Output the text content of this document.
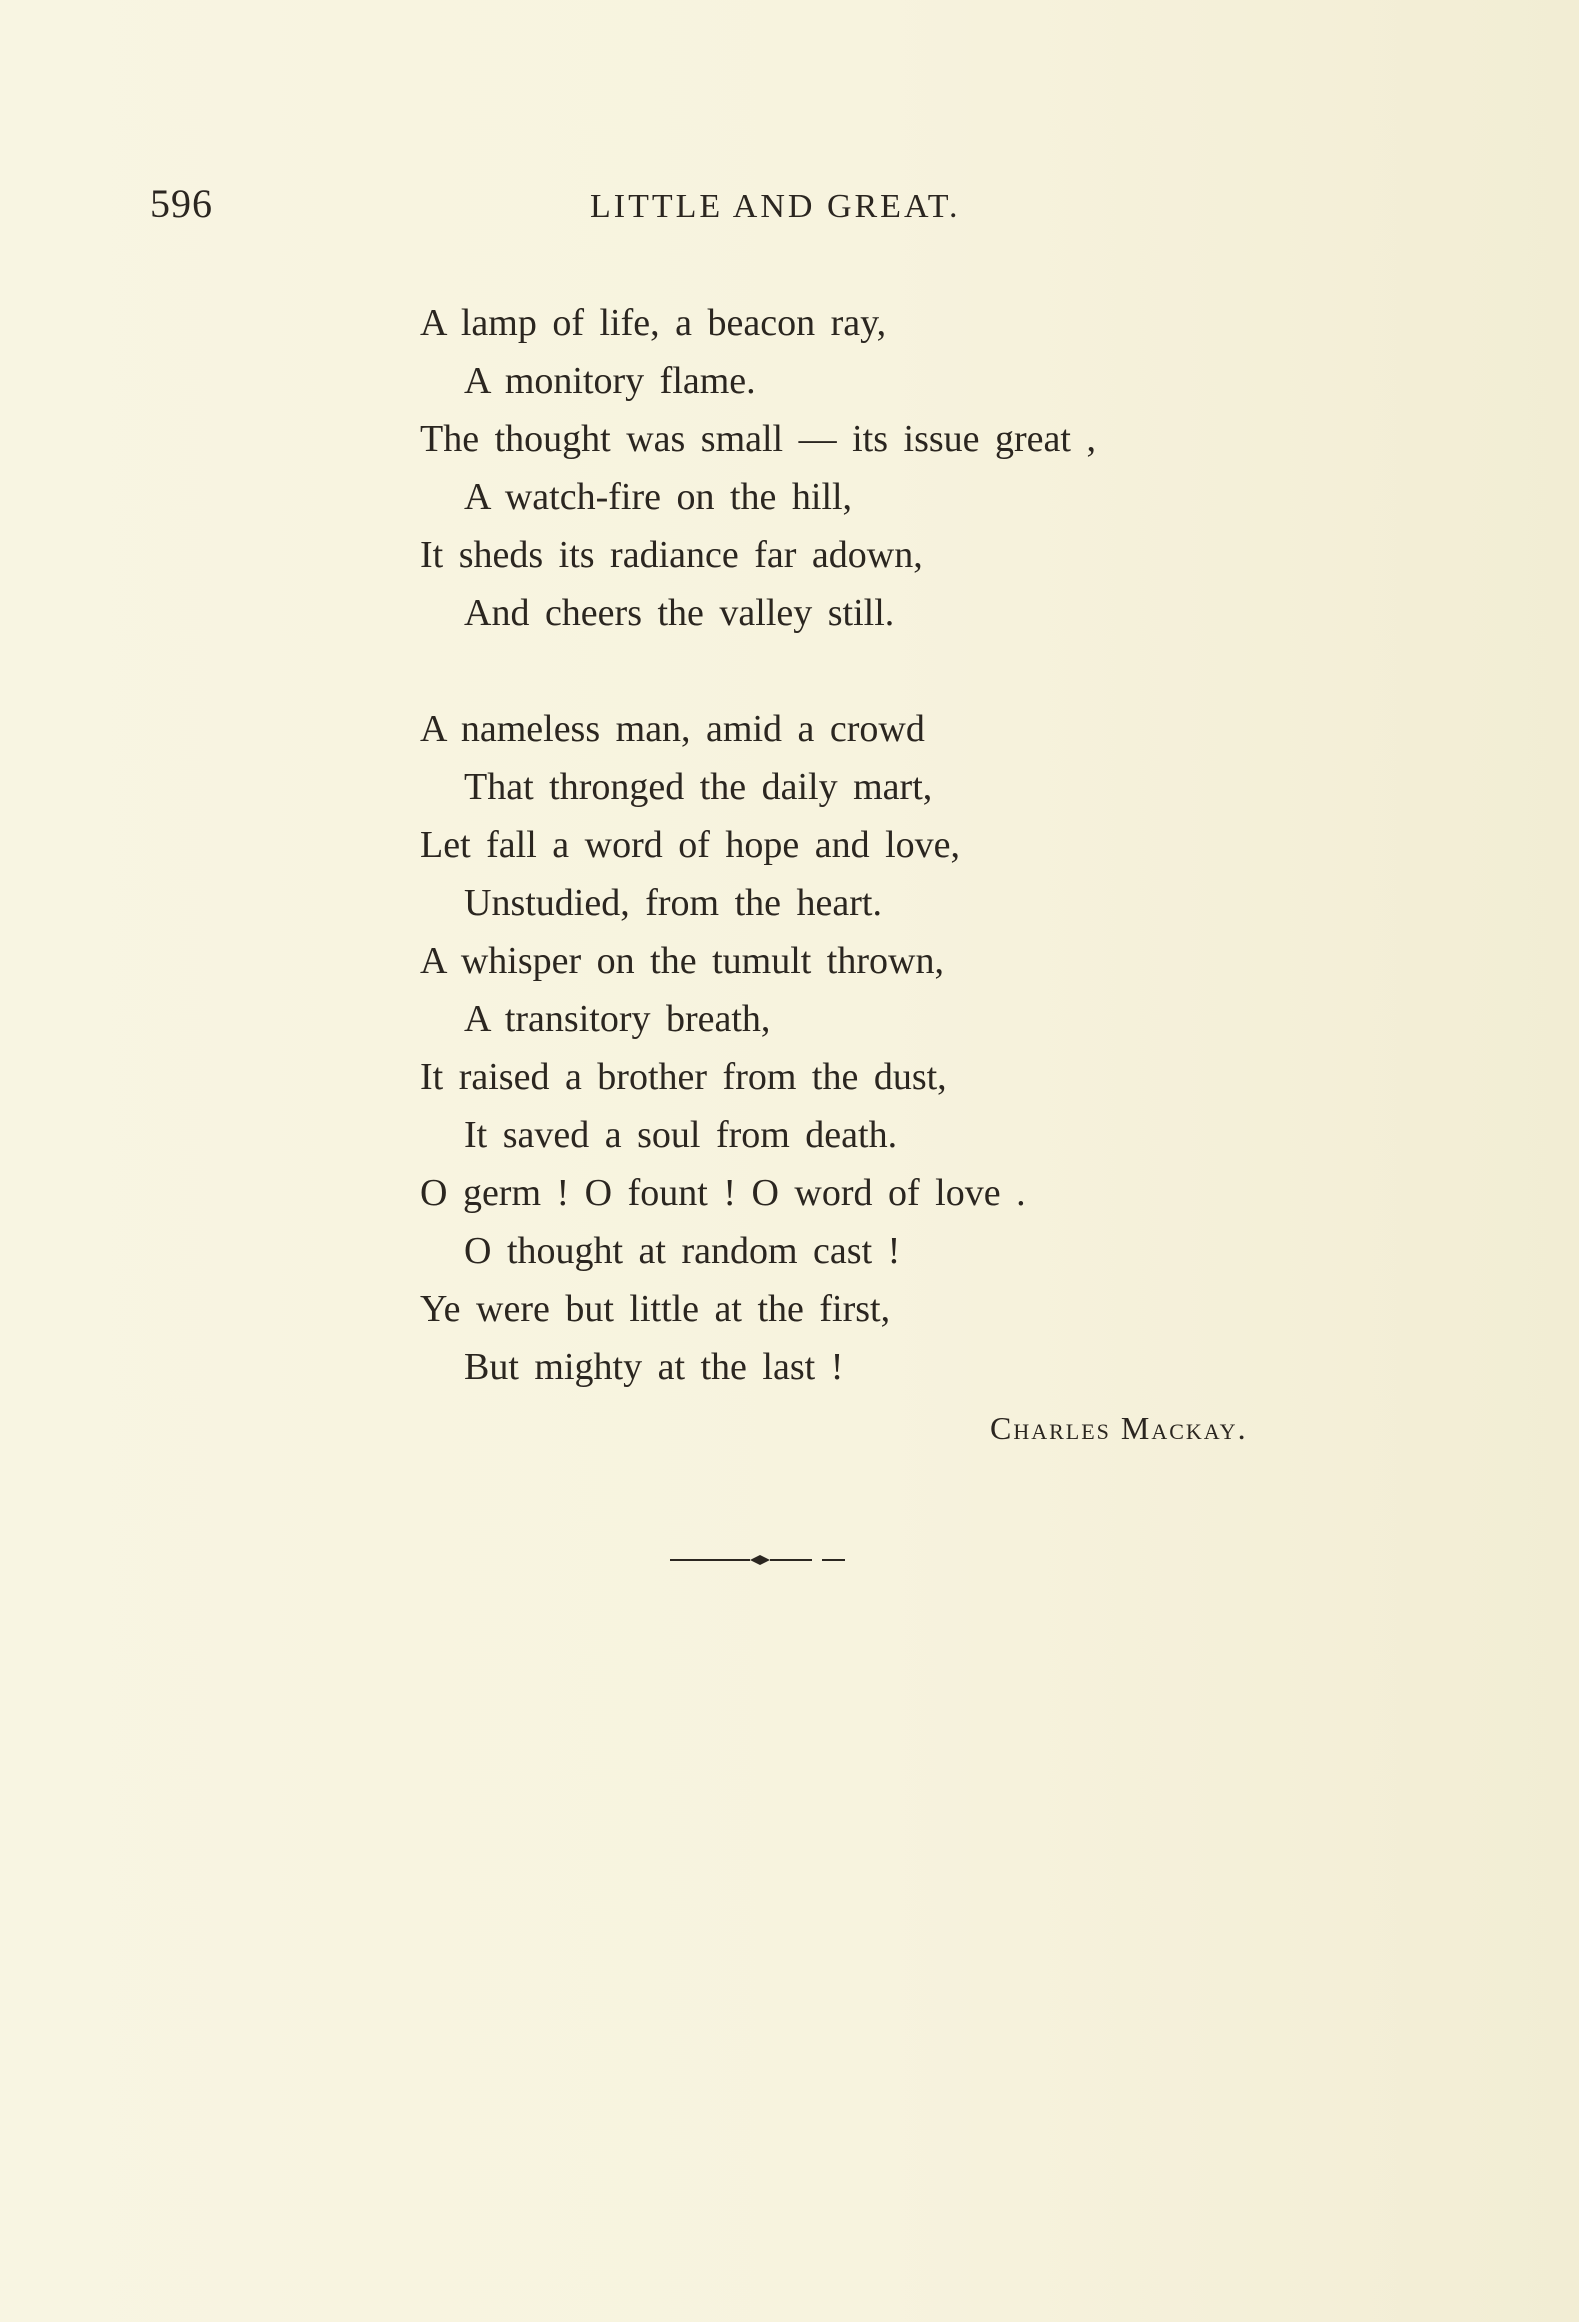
596	LITTLE AND GREAT.
A lamp of life, a beacon ray,
A monitory flame.
The thought was small — its issue great ,
A watch-fire on the hill,
It sheds its radiance far adown,
And cheers the valley still.
A nameless man, amid a crowd
That thronged the daily mart,
Let fall a word of hope and love,
Unstudied, from the heart.
A whisper on the tumult thrown,
A transitory breath,
It raised a brother from the dust,
It saved a soul from death.
O germ ! O fount ! O word of love .
O thought at random cast !
Ye were but little at the first,
But mighty at the last !
Charles Mackay.
